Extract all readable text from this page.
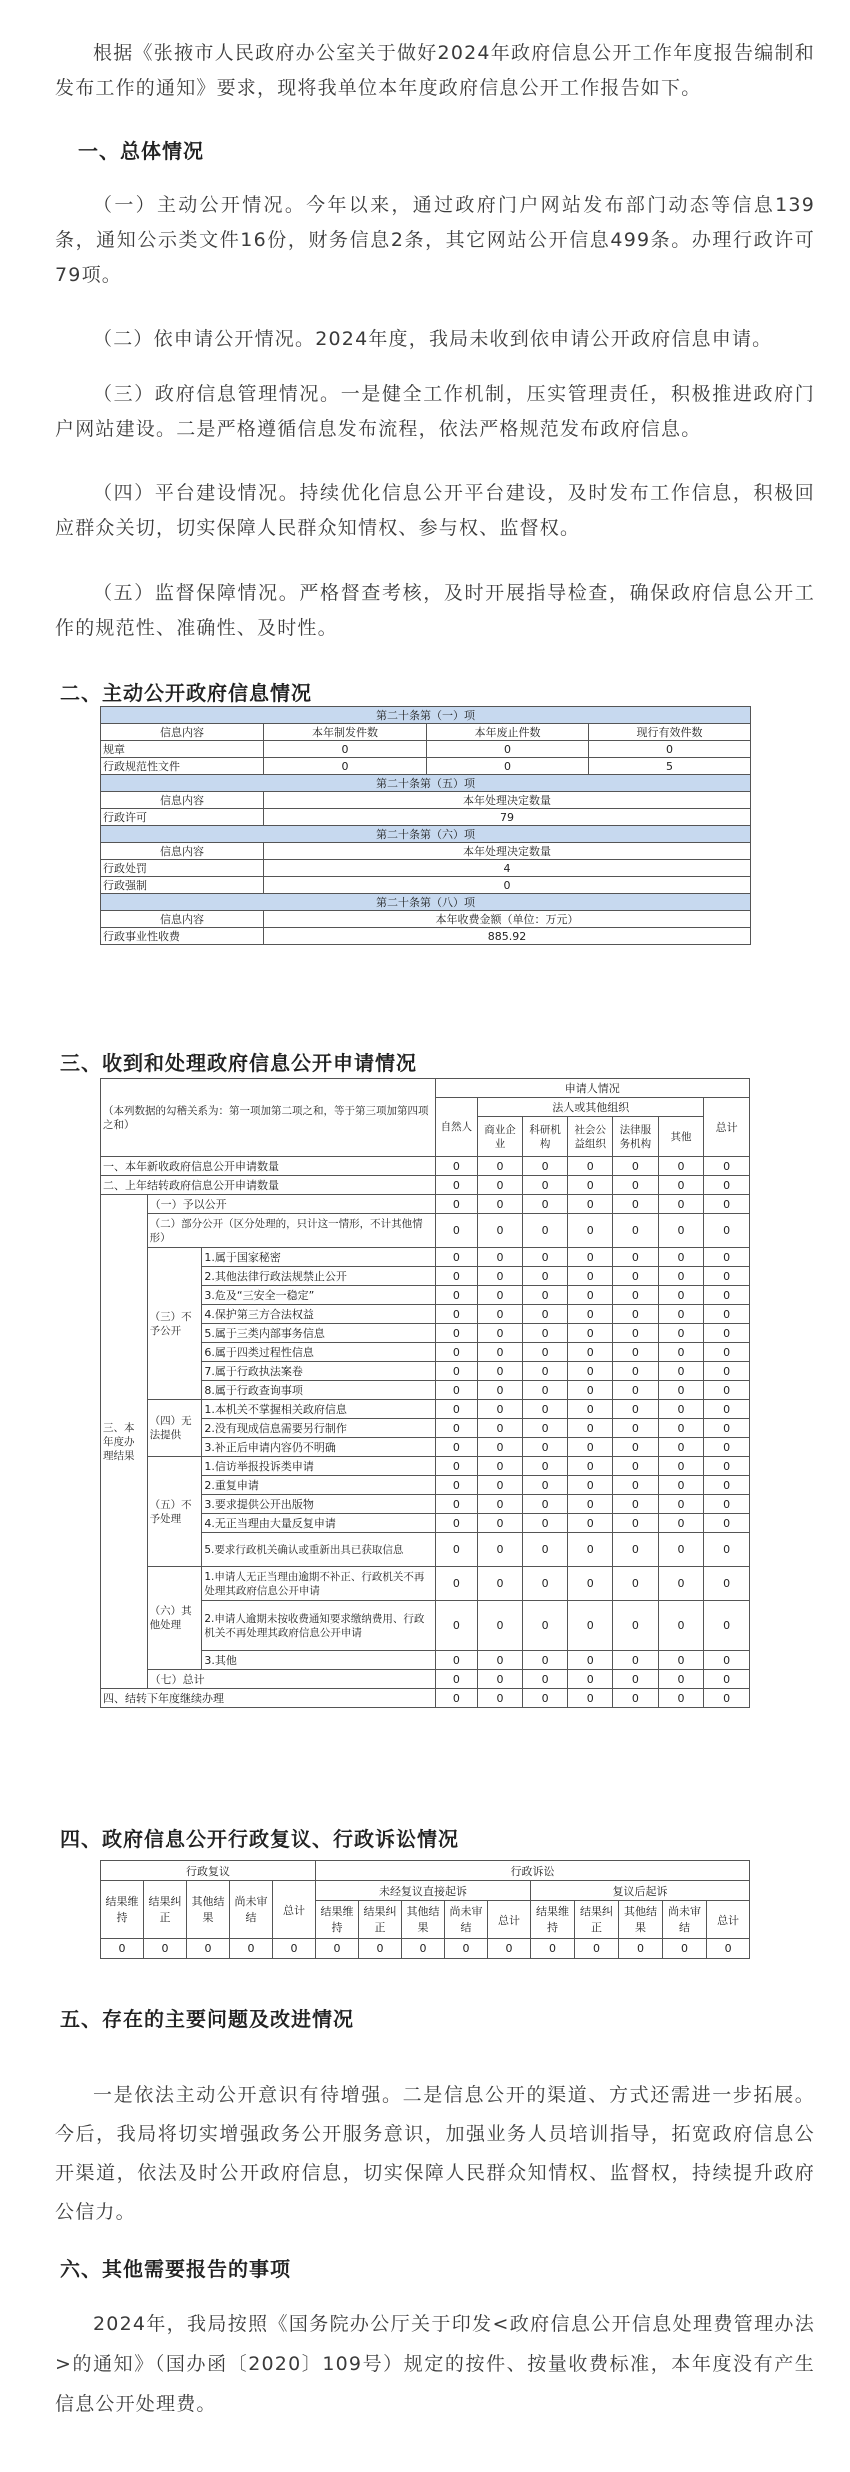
根据《张掖市人民政府办公室关于做好2024年政府信息公开工作年度报告编制和发布工作的通知》要求，现将我单位本年度政府信息公开工作报告如下。
一、总体情况
（一）主动公开情况。今年以来，通过政府门户网站发布部门动态等信息139条，通知公示类文件16份，财务信息2条，其它网站公开信息499条。办理行政许可79项。
（二）依申请公开情况。2024年度，我局未收到依申请公开政府信息申请。
（三）政府信息管理情况。一是健全工作机制，压实管理责任，积极推进政府门户网站建设。二是严格遵循信息发布流程，依法严格规范发布政府信息。
（四）平台建设情况。持续优化信息公开平台建设，及时发布工作信息，积极回应群众关切，切实保障人民群众知情权、参与权、监督权。
（五）监督保障情况。严格督查考核，及时开展指导检查，确保政府信息公开工作的规范性、准确性、及时性。
二、主动公开政府信息情况
第二十条第（一）项			
信息内容	本年制发件数	本年废止件数	现行有效件数
规章	0	0	0
行政规范性文件	0	0	5
第二十条第（五）项			
信息内容	本年处理决定数量		
行政许可	79		
第二十条第（六）项			
信息内容	本年处理决定数量		
行政处罚	4		
行政强制	0		
第二十条第（八）项			
信息内容	本年收费金额（单位：万元）		
行政事业性收费	885.92		
三、收到和处理政府信息公开申请情况
（本列数据的勾稽关系为：第一项加第二项之和，等于第三项加第四项之和）			申请人情况						
			自然人	法人或其他组织					总计
				商业企业	科研机构	社会公益组织	法律服务机构	其他	
一、本年新收政府信息公开申请数量			0	0	0	0	0	0	0
二、上年结转政府信息公开申请数量			0	0	0	0	0	0	0
三、本年度办理结果	（一）予以公开		0	0	0	0	0	0	0
	（二）部分公开（区分处理的，只计这一情形，不计其他情形）		0	0	0	0	0	0	0
	（三）不予公开	1.属于国家秘密	0	0	0	0	0	0	0
		2.其他法律行政法规禁止公开	0	0	0	0	0	0	0
		3.危及“三安全一稳定”	0	0	0	0	0	0	0
		4.保护第三方合法权益	0	0	0	0	0	0	0
		5.属于三类内部事务信息	0	0	0	0	0	0	0
		6.属于四类过程性信息	0	0	0	0	0	0	0
		7.属于行政执法案卷	0	0	0	0	0	0	0
		8.属于行政查询事项	0	0	0	0	0	0	0
	（四）无法提供	1.本机关不掌握相关政府信息	0	0	0	0	0	0	0
		2.没有现成信息需要另行制作	0	0	0	0	0	0	0
		3.补正后申请内容仍不明确	0	0	0	0	0	0	0
	（五）不予处理	1.信访举报投诉类申请	0	0	0	0	0	0	0
		2.重复申请	0	0	0	0	0	0	0
		3.要求提供公开出版物	0	0	0	0	0	0	0
		4.无正当理由大量反复申请	0	0	0	0	0	0	0
		5.要求行政机关确认或重新出具已获取信息	0	0	0	0	0	0	0
	（六）其他处理	1.申请人无正当理由逾期不补正、行政机关不再处理其政府信息公开申请	0	0	0	0	0	0	0
		2.申请人逾期未按收费通知要求缴纳费用、行政机关不再处理其政府信息公开申请	0	0	0	0	0	0	0
		3.其他	0	0	0	0	0	0	0
	（七）总计		0	0	0	0	0	0	0
四、结转下年度继续办理			0	0	0	0	0	0	0
四、政府信息公开行政复议、行政诉讼情况
行政复议					行政诉讼									
结果维持	结果纠正	其他结果	尚未审结	总计	未经复议直接起诉					复议后起诉				
					结果维持	结果纠正	其他结果	尚未审结	总计	结果维持	结果纠正	其他结果	尚未审结	总计
0	0	0	0	0	0	0	0	0	0	0	0	0	0	0
五、存在的主要问题及改进情况
一是依法主动公开意识有待增强。二是信息公开的渠道、方式还需进一步拓展。今后，我局将切实增强政务公开服务意识，加强业务人员培训指导，拓宽政府信息公开渠道，依法及时公开政府信息，切实保障人民群众知情权、监督权，持续提升政府公信力。
六、其他需要报告的事项
2024年，我局按照《国务院办公厅关于印发<政府信息公开信息处理费管理办法>的通知》（国办函〔2020〕109号）规定的按件、按量收费标准，本年度没有产生信息公开处理费。
